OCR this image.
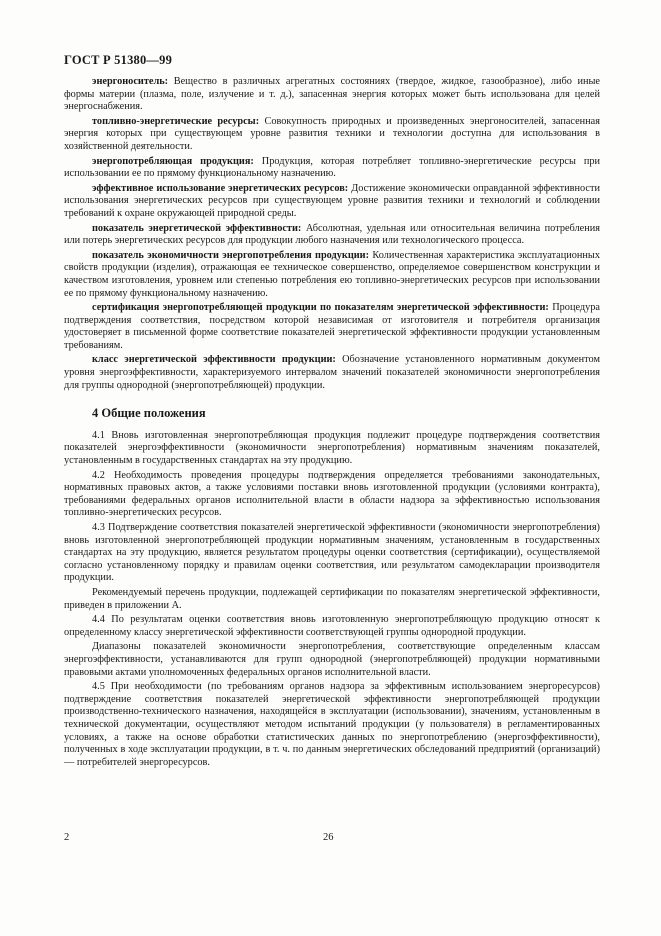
ГОСТ Р 51380—99

энергоноситель: Вещество в различных агрегатных состояниях (твердое, жидкое, газообразное), либо иные формы материи (плазма, поле, излучение и т. д.), запасенная энергия которых может быть использована для целей энергоснабжения.

топливно-энергетические ресурсы: Совокупность природных и произведенных энергоносителей, запасенная энергия которых при существующем уровне развития техники и технологии доступна для использования в хозяйственной деятельности.

энергопотребляющая продукция: Продукция, которая потребляет топливно-энергетические ресурсы при использовании ее по прямому функциональному назначению.

эффективное использование энергетических ресурсов: Достижение экономически оправданной эффективности использования энергетических ресурсов при существующем уровне развития техники и технологий и соблюдении требований к охране окружающей природной среды.

показатель энергетической эффективности: Абсолютная, удельная или относительная величина потребления или потерь энергетических ресурсов для продукции любого назначения или технологического процесса.

показатель экономичности энергопотребления продукции: Количественная характеристика эксплуатационных свойств продукции (изделия), отражающая ее техническое совершенство, определяемое совершенством конструкции и качеством изготовления, уровнем или степенью потребления ею топливно-энергетических ресурсов при использовании ее по прямому функциональному назначению.

сертификация энергопотребляющей продукции по показателям энергетической эффективности: Процедура подтверждения соответствия, посредством которой независимая от изготовителя и потребителя организация удостоверяет в письменной форме соответствие показателей энергетической эффективности продукции установленным требованиям.

класс энергетической эффективности продукции: Обозначение установленного нормативным документом уровня энергоэффективности, характеризуемого интервалом значений показателей экономичности энергопотребления для группы однородной (энергопотребляющей) продукции.

4 Общие положения

4.1 Вновь изготовленная энергопотребляющая продукция подлежит процедуре подтверждения соответствия показателей энергоэффективности (экономичности энергопотребления) нормативным значениям показателей, установленным в государственных стандартах на эту продукцию.

4.2 Необходимость проведения процедуры подтверждения определяется требованиями законодательных, нормативных правовых актов, а также условиями поставки вновь изготовленной продукции (условиями контракта), требованиями федеральных органов исполнительной власти в области надзора за эффективностью использования топливно-энергетических ресурсов.

4.3 Подтверждение соответствия показателей энергетической эффективности (экономичности энергопотребления) вновь изготовленной энергопотребляющей продукции нормативным значениям, установленным в государственных стандартах на эту продукцию, является результатом процедуры оценки соответствия (сертификации), осуществляемой согласно установленному порядку и правилам оценки соответствия, или результатом самодекларации производителя продукции.

Рекомендуемый перечень продукции, подлежащей сертификации по показателям энергетической эффективности, приведен в приложении А.

4.4 По результатам оценки соответствия вновь изготовленную энергопотребляющую продукцию относят к определенному классу энергетической эффективности соответствующей группы однородной продукции.

Диапазоны показателей экономичности энергопотребления, соответствующие определенным классам энергоэффективности, устанавливаются для групп однородной (энергопотребляющей) продукции нормативными правовыми актами уполномоченных федеральных органов исполнительной власти.

4.5 При необходимости (по требованиям органов надзора за эффективным использованием энергоресурсов) подтверждение соответствия показателей энергетической эффективности энергопотребляющей продукции производственно-технического назначения, находящейся в эксплуатации (использовании), значениям, установленным в технической документации, осуществляют методом испытаний продукции (у пользователя) в регламентированных условиях, а также на основе обработки статистических данных по энергопотреблению (энергоэффективности), полученных в ходе эксплуатации продукции, в т. ч. по данным энергетических обследований предприятий (организаций) — потребителей энергоресурсов.

2	26
